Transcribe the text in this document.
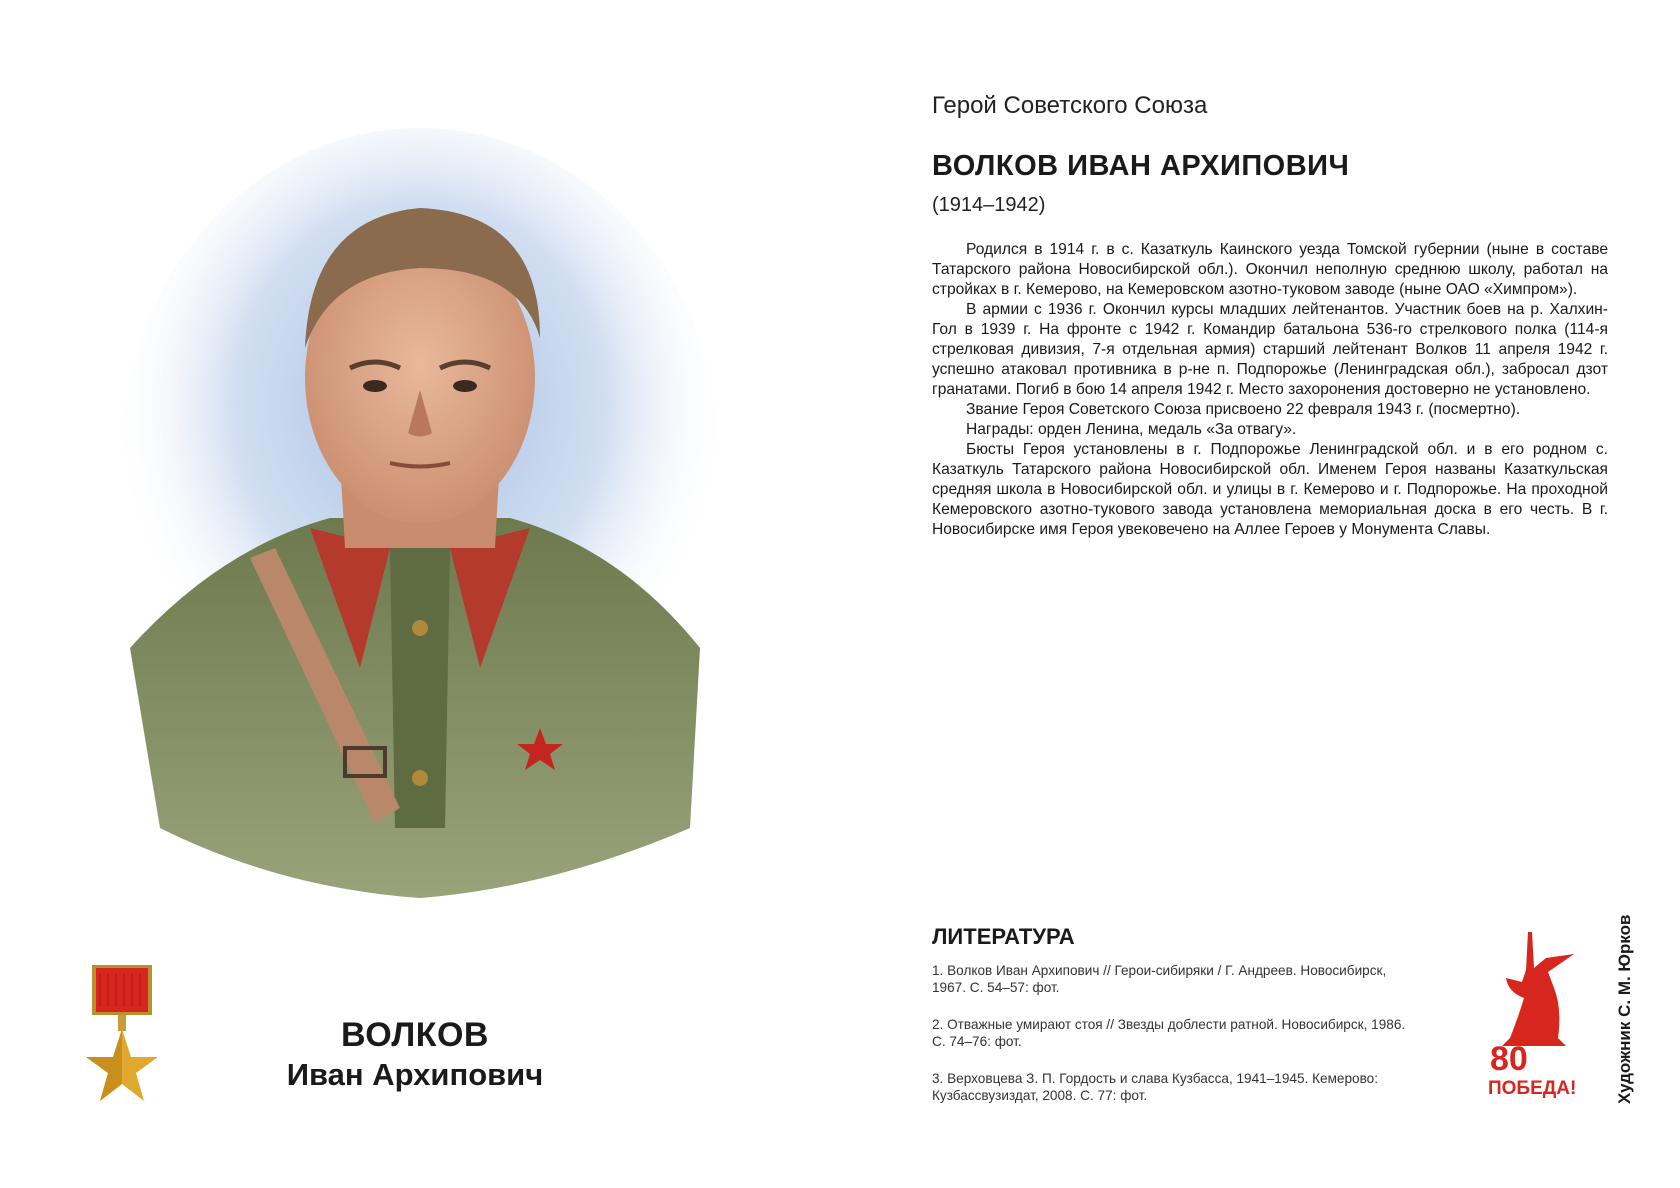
ВОЛКОВ
Иван Архипович
Герой Советского Союза
ВОЛКОВ ИВАН АРХИПОВИЧ
(1914–1942)

Родился в 1914 г. в с. Казаткуль Каинского уезда Томской губернии (ныне в составе Татарского района Новосибирской обл.). Окончил неполную среднюю школу, работал на стройках в г. Кемерово, на Кемеровском азотно-туковом заводе (ныне ОАО «Химпром»).

В армии с 1936 г. Окончил курсы младших лейтенантов. Участник боев на р. Халхин-Гол в 1939 г. На фронте с 1942 г. Командир батальона 536-го стрелкового полка (114-я стрелковая дивизия, 7-я отдельная армия) старший лейтенант Волков 11 апреля 1942 г. успешно атаковал противника в р-не п. Подпорожье (Ленинградская обл.), забросал дзот гранатами. Погиб в бою 14 апреля 1942 г. Место захоронения достоверно не установлено.

Звание Героя Советского Союза присвоено 22 февраля 1943 г. (посмертно).

Награды: орден Ленина, медаль «За отвагу».

Бюсты Героя установлены в г. Подпорожье Ленинградской обл. и в его родном с. Казаткуль Татарского района Новосибирской обл. Именем Героя названы Казаткульская средняя школа в Новосибирской обл. и улицы в г. Кемерово и г. Подпорожье. На проходной Кемеровского азотно-тукового завода установлена мемориальная доска в его честь. В г. Новосибирске имя Героя увековечено на Аллее Героев у Монумента Славы.

ЛИТЕРАТУРА
1. Волков Иван Архипович // Герои-сибиряки / Г. Андреев. Новосибирск, 1967. С. 54–57: фот.
2. Отважные умирают стоя // Звезды доблести ратной. Новосибирск, 1986. С. 74–76: фот.
3. Верховцева З. П. Гордость и слава Кузбасса, 1941–1945. Кемерово: Кузбассвузиздат, 2008. С. 77: фот.
80
ПОБЕДА! Художник С. М. Юрков
